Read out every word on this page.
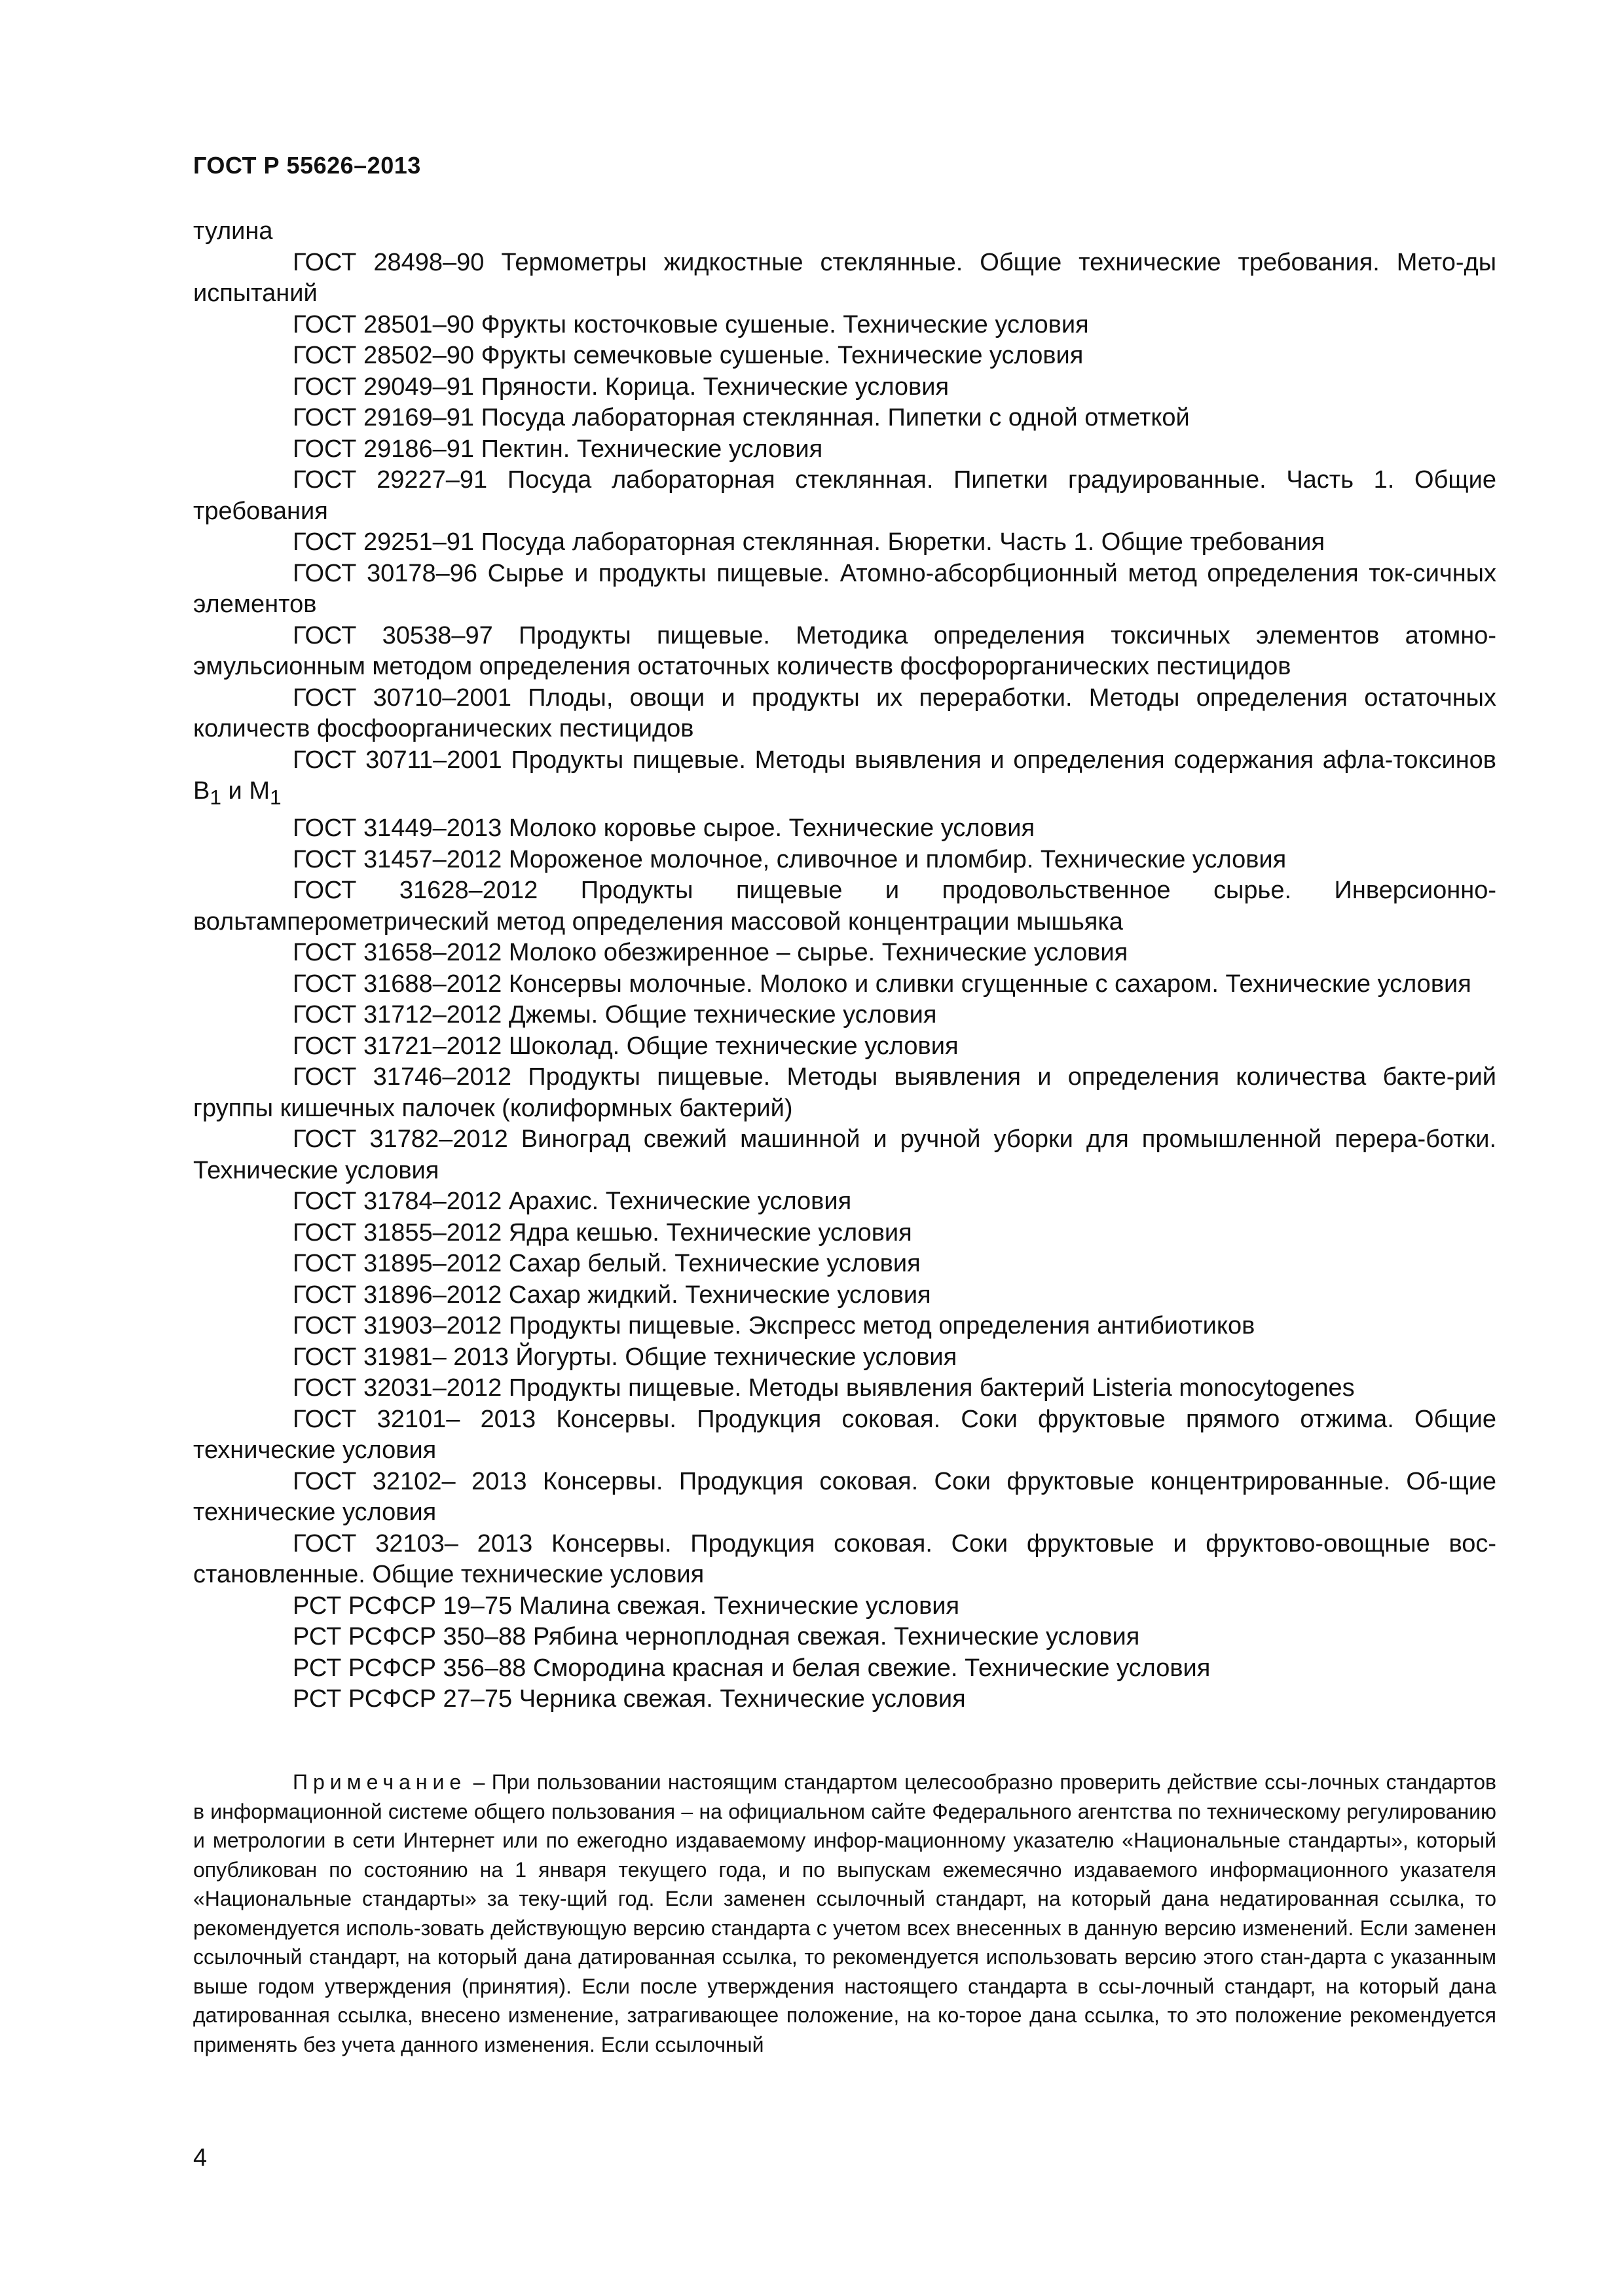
ГОСТ Р 55626–2013

тулина

ГОСТ 28498–90 Термометры жидкостные стеклянные. Общие технические требования. Мето-ды испытаний

ГОСТ 28501–90 Фрукты косточковые сушеные. Технические условия

ГОСТ 28502–90 Фрукты семечковые сушеные. Технические условия

ГОСТ 29049–91 Пряности. Корица. Технические условия

ГОСТ 29169–91 Посуда лабораторная стеклянная. Пипетки с одной отметкой

ГОСТ 29186–91 Пектин. Технические условия

ГОСТ 29227–91 Посуда лабораторная стеклянная. Пипетки градуированные. Часть 1. Общие требования

ГОСТ 29251–91 Посуда лабораторная стеклянная. Бюретки. Часть 1. Общие требования

ГОСТ 30178–96 Сырье и продукты пищевые. Атомно-абсорбционный метод определения ток-сичных элементов

ГОСТ 30538–97 Продукты пищевые. Методика определения токсичных элементов атомно-эмульсионным методом определения остаточных количеств фосфорорганических пестицидов

ГОСТ 30710–2001 Плоды, овощи и продукты их переработки. Методы определения остаточных количеств фосфоорганических пестицидов

ГОСТ 30711–2001 Продукты пищевые. Методы выявления и определения содержания афла-токсинов $B_1$ и $M_1$

ГОСТ 31449–2013 Молоко коровье сырое. Технические условия

ГОСТ 31457–2012 Мороженое молочное, сливочное и пломбир. Технические условия

ГОСТ 31628–2012 Продукты пищевые и продовольственное сырье. Инверсионно-вольтамперометрический метод определения массовой концентрации мышьяка

ГОСТ 31658–2012 Молоко обезжиренное – сырье. Технические условия

ГОСТ 31688–2012 Консервы молочные. Молоко и сливки сгущенные с сахаром. Технические условия

ГОСТ 31712–2012 Джемы. Общие технические условия

ГОСТ 31721–2012 Шоколад. Общие технические условия

ГОСТ 31746–2012 Продукты пищевые. Методы выявления и определения количества бакте-рий группы кишечных палочек (колиформных бактерий)

ГОСТ 31782–2012 Виноград свежий машинной и ручной уборки для промышленной перера-ботки. Технические условия

ГОСТ 31784–2012 Арахис. Технические условия

ГОСТ 31855–2012 Ядра кешью. Технические условия

ГОСТ 31895–2012 Сахар белый. Технические условия

ГОСТ 31896–2012 Сахар жидкий. Технические условия

ГОСТ 31903–2012 Продукты пищевые. Экспресс метод определения антибиотиков

ГОСТ 31981– 2013 Йогурты. Общие технические условия

ГОСТ 32031–2012 Продукты пищевые. Методы выявления бактерий Listeria monocytogenes

ГОСТ 32101– 2013 Консервы. Продукция соковая. Соки фруктовые прямого отжима. Общие технические условия

ГОСТ 32102– 2013 Консервы. Продукция соковая. Соки фруктовые концентрированные. Об-щие технические условия

ГОСТ 32103– 2013 Консервы. Продукция соковая. Соки фруктовые и фруктово-овощные вос-становленные. Общие технические условия

РСТ РСФСР 19–75 Малина свежая. Технические условия

РСТ РСФСР 350–88 Рябина черноплодная свежая. Технические условия

РСТ РСФСР 356–88 Смородина красная и белая свежие. Технические условия

РСТ РСФСР 27–75 Черника свежая. Технические условия

Примечание – При пользовании настоящим стандартом целесообразно проверить действие ссы-лочных стандартов в информационной системе общего пользования – на официальном сайте Федерального агентства по техническому регулированию и метрологии в сети Интернет или по ежегодно издаваемому инфор-мационному указателю «Национальные стандарты», который опубликован по состоянию на 1 января текущего года, и по выпускам ежемесячно издаваемого информационного указателя «Национальные стандарты» за теку-щий год. Если заменен ссылочный стандарт, на который дана недатированная ссылка, то рекомендуется исполь-зовать действующую версию стандарта с учетом всех внесенных в данную версию изменений. Если заменен ссылочный стандарт, на который дана датированная ссылка, то рекомендуется использовать версию этого стан-дарта с указанным выше годом утверждения (принятия). Если после утверждения настоящего стандарта в ссы-лочный стандарт, на который дана датированная ссылка, внесено изменение, затрагивающее положение, на ко-торое дана ссылка, то это положение рекомендуется применять без учета данного изменения. Если ссылочный

4
